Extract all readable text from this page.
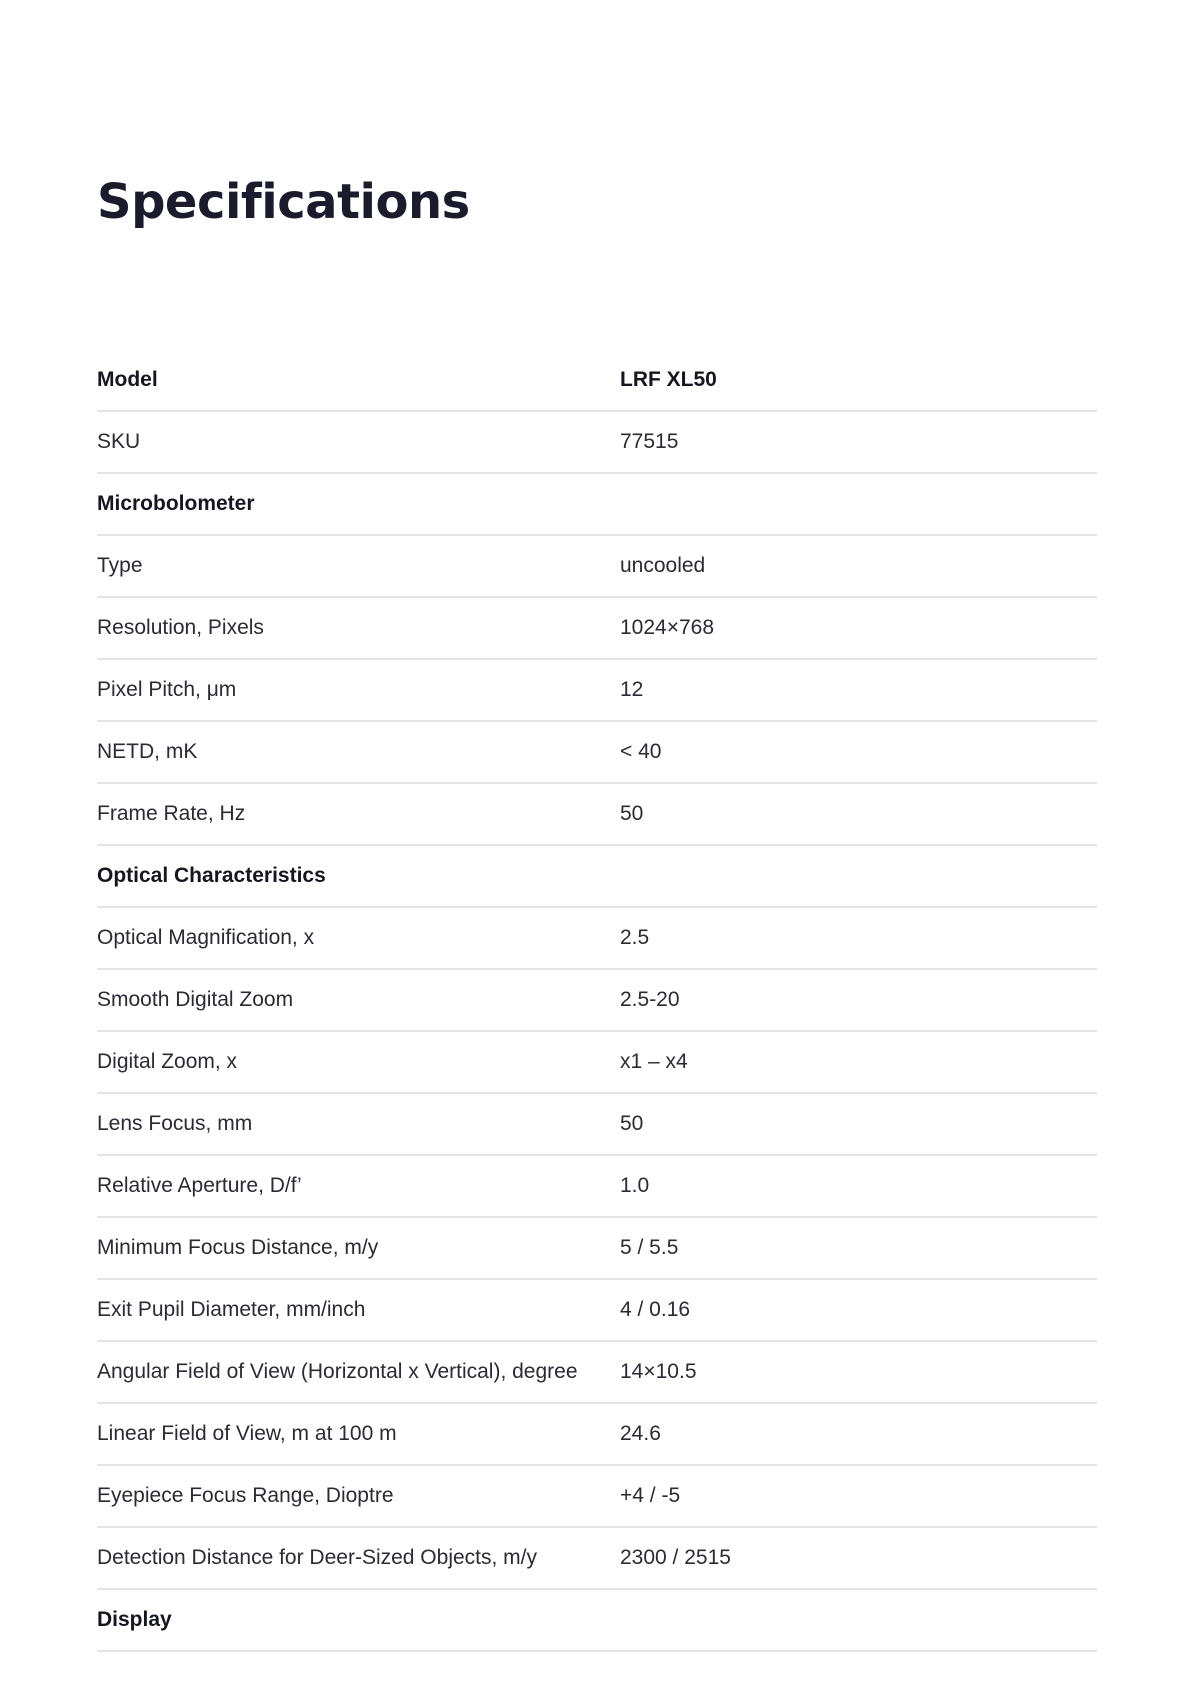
Specifications
Model	LRF XL50
SKU	77515
Microbolometer
Type	uncooled
Resolution, Pixels	1024×768
Pixel Pitch, μm	12
NETD, mK	< 40
Frame Rate, Hz	50
Optical Characteristics
Optical Magnification, x	2.5
Smooth Digital Zoom	2.5-20
Digital Zoom, x	x1 – x4
Lens Focus, mm	50
Relative Aperture, D/f’	1.0
Minimum Focus Distance, m/y	5 / 5.5
Exit Pupil Diameter, mm/inch	4 / 0.16
Angular Field of View (Horizontal x Vertical), degree	14×10.5
Linear Field of View, m at 100 m	24.6
Eyepiece Focus Range, Dioptre	+4 / -5
Detection Distance for Deer-Sized Objects, m/y	2300 / 2515
Display
